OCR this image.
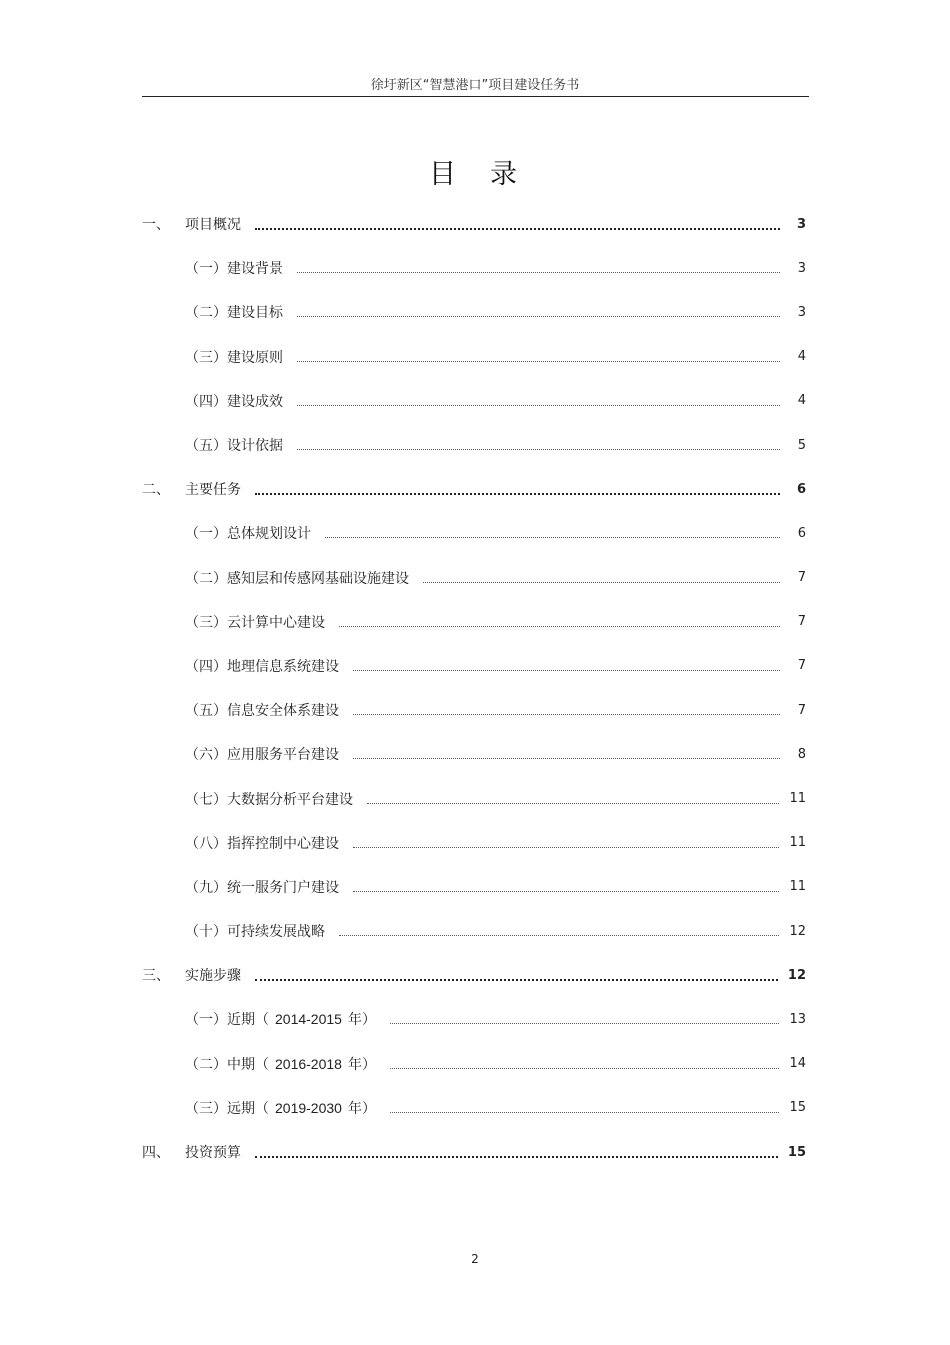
徐圩新区“智慧港口”项目建设任务书
目 录
一、	项目概况	3
（一）建设背景	3
（二）建设目标	3
（三）建设原则	4
（四）建设成效	4
（五）设计依据	5
二、	主要任务	6
（一）总体规划设计	6
（二）感知层和传感网基础设施建设	7
（三）云计算中心建设	7
（四）地理信息系统建设	7
（五）信息安全体系建设	7
（六）应用服务平台建设	8
（七）大数据分析平台建设	11
（八）指挥控制中心建设	11
（九）统一服务门户建设	11
（十）可持续发展战略	12
三、	实施步骤	12
（一）近期（ 2014-2015 年）	13
（二）中期（ 2016-2018 年）	14
（三）远期（ 2019-2030 年）	15
四、	投资预算	15
2
